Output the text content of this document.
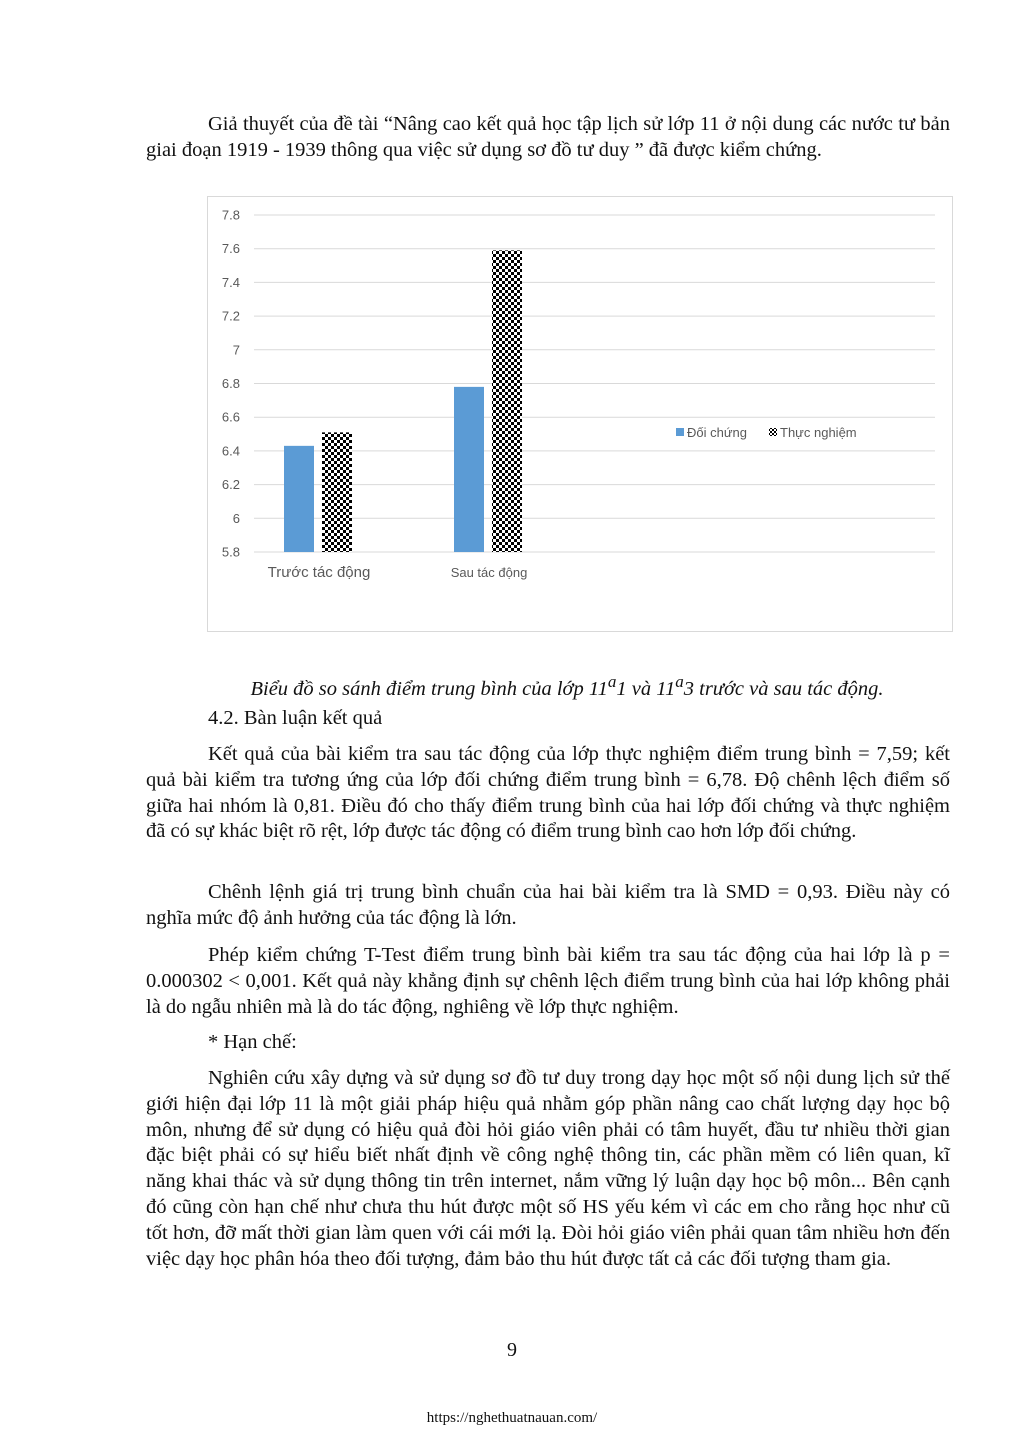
Giả thuyết của đề tài “Nâng cao kết quả học tập lịch sử lớp 11 ở nội dung các nước tư bản giai đoạn 1919 - 1939 thông qua việc sử dụng sơ đồ tư duy ” đã được kiểm chứng.

5.8
6
6.2
6.4
6.6
6.8
7
7.2
7.4
7.6
7.8
Trước tác động	Sau tác động
Đối chứng	Thực nghiệm

Biểu đồ so sánh điểm trung bình của lớp 11$^a$1 và 11$^a$3 trước và sau tác động.

4.2. Bàn luận kết quả

Kết quả của bài kiểm tra sau tác động của lớp thực nghiệm điểm trung bình = 7,59; kết quả bài kiểm tra tương ứng của lớp đối chứng điểm trung bình = 6,78. Độ chênh lệch điểm số giữa hai nhóm là 0,81. Điều đó cho thấy điểm trung bình của hai lớp đối chứng và thực nghiệm đã có sự khác biệt rõ rệt, lớp được tác động có điểm trung bình cao hơn lớp đối chứng.

Chênh lệnh giá trị trung bình chuẩn của hai bài kiểm tra là SMD = 0,93. Điều này có nghĩa mức độ ảnh hưởng của tác động là lớn.

Phép kiểm chứng T-Test điểm trung bình bài kiểm tra sau tác động của hai lớp là p = 0.000302 < 0,001. Kết quả này khẳng định sự chênh lệch điểm trung bình của hai lớp không phải là do ngẫu nhiên mà là do tác động, nghiêng về lớp thực nghiệm.

* Hạn chế:

Nghiên cứu xây dựng và sử dụng sơ đồ tư duy trong dạy học một số nội dung lịch sử thế giới hiện đại lớp 11 là một giải pháp hiệu quả nhằm góp phần nâng cao chất lượng dạy học bộ môn, nhưng để sử dụng có hiệu quả đòi hỏi giáo viên phải có tâm huyết, đầu tư nhiều thời gian đặc biệt phải có sự hiểu biết nhất định về công nghệ thông tin, các phần mềm có liên quan, kĩ năng khai thác và sử dụng thông tin trên internet, nắm vững lý luận dạy học bộ môn... Bên cạnh đó cũng còn hạn chế như chưa thu hút được một số HS yếu kém vì các em cho rằng học như cũ tốt hơn, đỡ mất thời gian làm quen với cái mới lạ. Đòi hỏi giáo viên phải quan tâm nhiều hơn đến việc dạy học phân hóa theo đối tượng, đảm bảo thu hút được tất cả các đối tượng tham gia.

9

https://nghethuatnauan.com/
